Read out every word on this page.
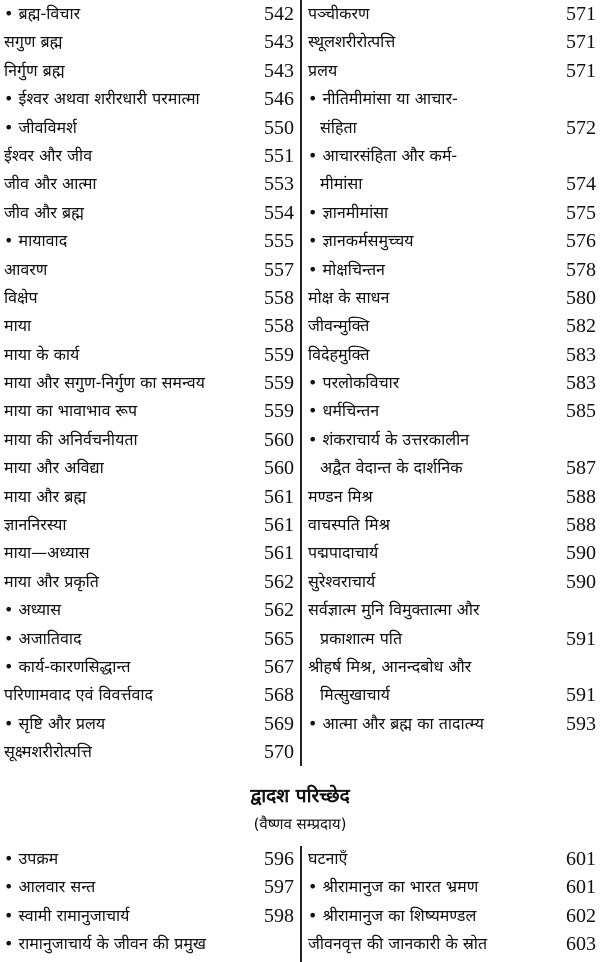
• ब्रह्म-विचार	542
सगुण ब्रह्म	543
निर्गुण ब्रह्म	543
• ईश्वर अथवा शरीरधारी परमात्मा	546
• जीवविमर्श	550
ईश्वर और जीव	551
जीव और आत्मा	553
जीव और ब्रह्म	554
• मायावाद	555
आवरण	557
विक्षेप	558
माया	558
माया के कार्य	559
माया और सगुण-निर्गुण का समन्वय	559
माया का भावाभाव रूप	559
माया की अनिर्वचनीयता	560
माया और अविद्या	560
माया और ब्रह्म	561
ज्ञाननिरस्या	561
माया—अध्यास	561
माया और प्रकृति	562
• अध्यास	562
• अजातिवाद	565
• कार्य-कारणसिद्धान्त	567
परिणामवाद एवं विवर्त्तवाद	568
• सृष्टि और प्रलय	569
सूक्ष्मशरीरोत्पत्ति	570
पञ्चीकरण	571
स्थूलशरीरोत्पत्ति	571
प्रलय	571
• नीतिमीमांसा या आचार-
संहिता	572
• आचारसंहिता और कर्म-
मीमांसा	574
• ज्ञानमीमांसा	575
• ज्ञानकर्मसमुच्चय	576
• मोक्षचिन्तन	578
मोक्ष के साधन	580
जीवन्मुक्ति	582
विदेहमुक्ति	583
• परलोकविचार	583
• धर्मचिन्तन	585
• शंकराचार्य के उत्तरकालीन
अद्वैत वेदान्त के दार्शनिक	587
मण्डन मिश्र	588
वाचस्पति मिश्र	588
पद्मपादाचार्य	590
सुरेश्वराचार्य	590
सर्वज्ञात्म मुनि विमुक्तात्मा और
प्रकाशात्म पति	591
श्रीहर्ष मिश्र, आनन्दबोध और
मित्सुखाचार्य	591
• आत्मा और ब्रह्म का तादात्म्य	593
द्वादश परिच्छेद
(वैष्णव सम्प्रदाय)
• उपक्रम	596
• आलवार सन्त	597
• स्वामी रामानुजाचार्य	598
• रामानुजाचार्य के जीवन की प्रमुख
घटनाएँ	601
• श्रीरामानुज का भारत भ्रमण	601
• श्रीरामानुज का शिष्यमण्डल	602
जीवनवृत्त की जानकारी के स्रोत	603
